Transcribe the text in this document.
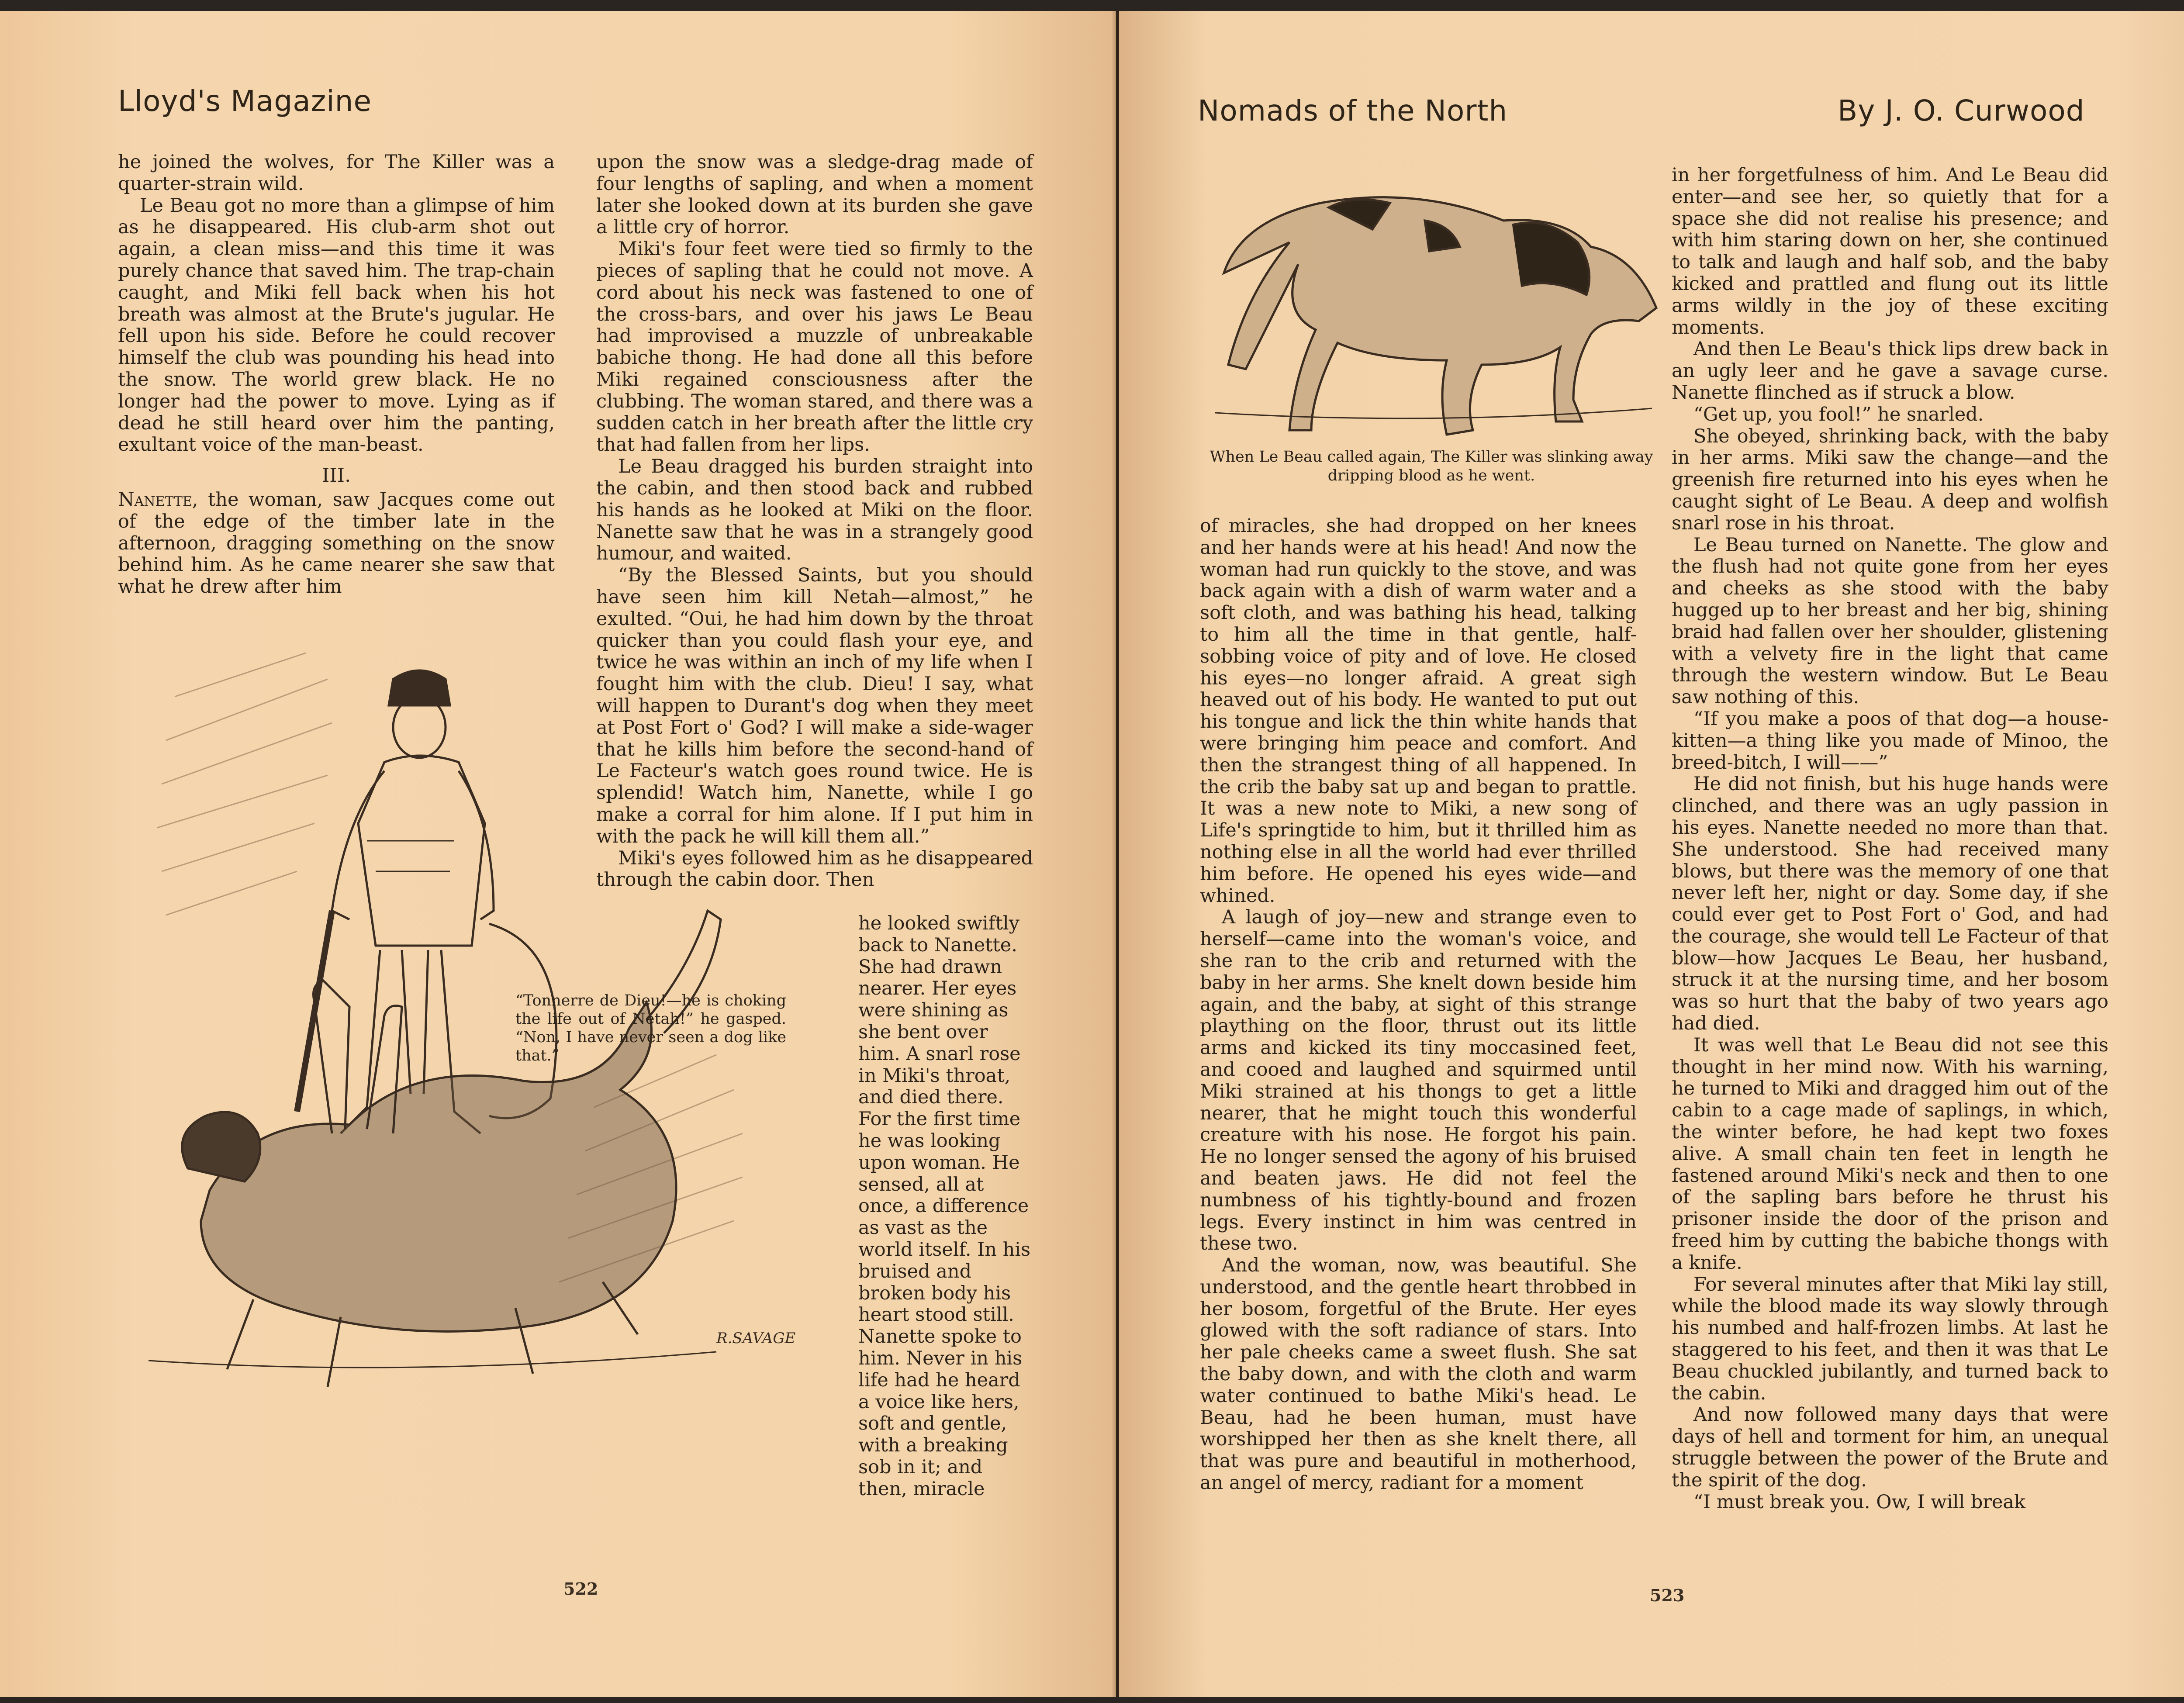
Lloyd's Magazine

he joined the wolves, for The Killer was a quarter-strain wild.

Le Beau got no more than a glimpse of him as he disappeared. His club-arm shot out again, a clean miss—and this time it was purely chance that saved him. The trap-chain caught, and Miki fell back when his hot breath was almost at the Brute's jugular. He fell upon his side. Before he could recover himself the club was pounding his head into the snow. The world grew black. He no longer had the power to move. Lying as if dead he still heard over him the panting, exultant voice of the man-beast.

III.

Nanette, the woman, saw Jacques come out of the edge of the timber late in the afternoon, dragging something on the snow behind him. As he came nearer she saw that what he drew after him

upon the snow was a sledge-drag made of four lengths of sapling, and when a moment later she looked down at its burden she gave a little cry of horror.

Miki's four feet were tied so firmly to the pieces of sapling that he could not move. A cord about his neck was fastened to one of the cross-bars, and over his jaws Le Beau had improvised a muzzle of unbreakable babiche thong. He had done all this before Miki regained consciousness after the clubbing. The woman stared, and there was a sudden catch in her breath after the little cry that had fallen from her lips.

Le Beau dragged his burden straight into the cabin, and then stood back and rubbed his hands as he looked at Miki on the floor. Nanette saw that he was in a strangely good humour, and waited.

“By the Blessed Saints, but you should have seen him kill Netah—almost,” he exulted. “Oui, he had him down by the throat quicker than you could flash your eye, and twice he was within an inch of my life when I fought him with the club. Dieu! I say, what will happen to Durant's dog when they meet at Post Fort o' God? I will make a side-wager that he kills him before the second-hand of Le Facteur's watch goes round twice. He is splendid! Watch him, Nanette, while I go make a corral for him alone. If I put him in with the pack he will kill them all.”

Miki's eyes followed him as he disappeared through the cabin door. Then

he looked swiftly back to Nanette. She had drawn nearer. Her eyes were shining as she bent over him. A snarl rose in Miki's throat, and died there. For the first time he was looking upon woman. He sensed, all at once, a difference as vast as the world itself. In his bruised and broken body his heart stood still. Nanette spoke to him. Never in his life had he heard a voice like hers, soft and gentle, with a breaking sob in it; and then, miracle

R.SAVAGE
“Tonnerre de Dieu!—he is choking the life out of Netah!” he gasped. “Non, I have never seen a dog like that.”
522
Nomads of the North	By J. O. Curwood
When Le Beau called again, The Killer was slinking away dripping blood as he went.

of miracles, she had dropped on her knees and her hands were at his head! And now the woman had run quickly to the stove, and was back again with a dish of warm water and a soft cloth, and was bathing his head, talking to him all the time in that gentle, half-sobbing voice of pity and of love. He closed his eyes—no longer afraid. A great sigh heaved out of his body. He wanted to put out his tongue and lick the thin white hands that were bringing him peace and comfort. And then the strangest thing of all happened. In the crib the baby sat up and began to prattle. It was a new note to Miki, a new song of Life's springtide to him, but it thrilled him as nothing else in all the world had ever thrilled him before. He opened his eyes wide—and whined.

A laugh of joy—new and strange even to herself—came into the woman's voice, and she ran to the crib and returned with the baby in her arms. She knelt down beside him again, and the baby, at sight of this strange plaything on the floor, thrust out its little arms and kicked its tiny moccasined feet, and cooed and laughed and squirmed until Miki strained at his thongs to get a little nearer, that he might touch this wonderful creature with his nose. He forgot his pain. He no longer sensed the agony of his bruised and beaten jaws. He did not feel the numbness of his tightly-bound and frozen legs. Every instinct in him was centred in these two.

And the woman, now, was beautiful. She understood, and the gentle heart throbbed in her bosom, forgetful of the Brute. Her eyes glowed with the soft radiance of stars. Into her pale cheeks came a sweet flush. She sat the baby down, and with the cloth and warm water continued to bathe Miki's head. Le Beau, had he been human, must have worshipped her then as she knelt there, all that was pure and beautiful in motherhood, an angel of mercy, radiant for a moment

in her forgetfulness of him. And Le Beau did enter—and see her, so quietly that for a space she did not realise his presence; and with him staring down on her, she continued to talk and laugh and half sob, and the baby kicked and prattled and flung out its little arms wildly in the joy of these exciting moments.

And then Le Beau's thick lips drew back in an ugly leer and he gave a savage curse. Nanette flinched as if struck a blow.

“Get up, you fool!” he snarled.

She obeyed, shrinking back, with the baby in her arms. Miki saw the change—and the greenish fire returned into his eyes when he caught sight of Le Beau. A deep and wolfish snarl rose in his throat.

Le Beau turned on Nanette. The glow and the flush had not quite gone from her eyes and cheeks as she stood with the baby hugged up to her breast and her big, shining braid had fallen over her shoulder, glistening with a velvety fire in the light that came through the western window. But Le Beau saw nothing of this.

“If you make a poos of that dog—a house-kitten—a thing like you made of Minoo, the breed-bitch, I will——”

He did not finish, but his huge hands were clinched, and there was an ugly passion in his eyes. Nanette needed no more than that. She understood. She had received many blows, but there was the memory of one that never left her, night or day. Some day, if she could ever get to Post Fort o' God, and had the courage, she would tell Le Facteur of that blow—how Jacques Le Beau, her husband, struck it at the nursing time, and her bosom was so hurt that the baby of two years ago had died.

It was well that Le Beau did not see this thought in her mind now. With his warning, he turned to Miki and dragged him out of the cabin to a cage made of saplings, in which, the winter before, he had kept two foxes alive. A small chain ten feet in length he fastened around Miki's neck and then to one of the sapling bars before he thrust his prisoner inside the door of the prison and freed him by cutting the babiche thongs with a knife.

For several minutes after that Miki lay still, while the blood made its way slowly through his numbed and half-frozen limbs. At last he staggered to his feet, and then it was that Le Beau chuckled jubilantly, and turned back to the cabin.

And now followed many days that were days of hell and torment for him, an unequal struggle between the power of the Brute and the spirit of the dog.

“I must break you. Ow, I will break

523
